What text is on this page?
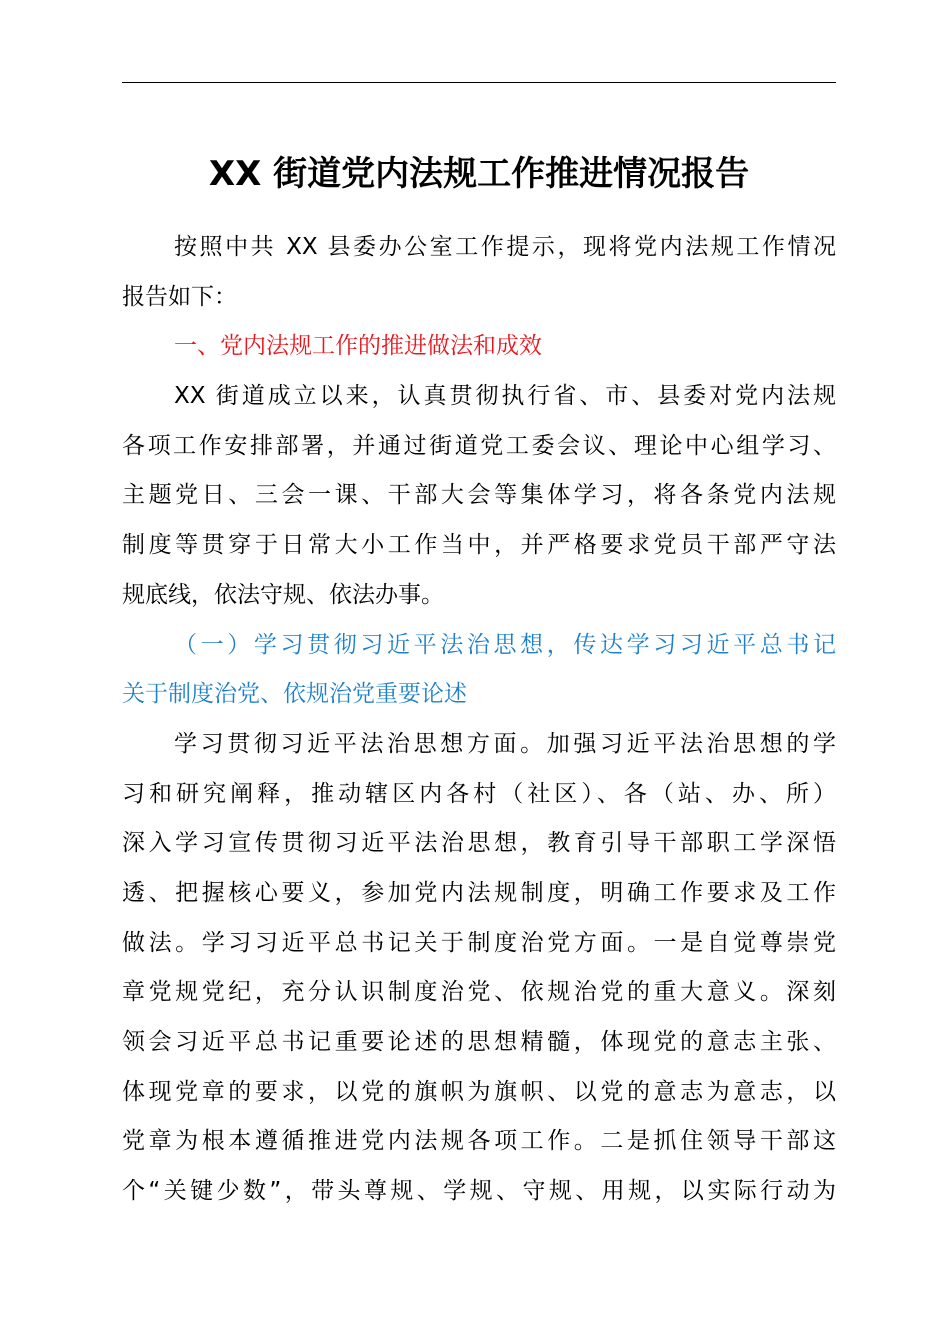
XX 街道党内法规工作推进情况报告
按照中共 XX 县委办公室工作提示，现将党内法规工作情况
报告如下：
一、党内法规工作的推进做法和成效
XX 街道成立以来，认真贯彻执行省、市、县委对党内法规
各项工作安排部署，并通过街道党工委会议、理论中心组学习、
主题党日、三会一课、干部大会等集体学习，将各条党内法规
制度等贯穿于日常大小工作当中，并严格要求党员干部严守法
规底线，依法守规、依法办事。
（一）学习贯彻习近平法治思想，传达学习习近平总书记
关于制度治党、依规治党重要论述
学习贯彻习近平法治思想方面。加强习近平法治思想的学
习和研究阐释，推动辖区内各村（社区）、各（站、办、所）
深入学习宣传贯彻习近平法治思想，教育引导干部职工学深悟
透、把握核心要义，参加党内法规制度，明确工作要求及工作
做法。学习习近平总书记关于制度治党方面。一是自觉尊崇党
章党规党纪，充分认识制度治党、依规治党的重大意义。深刻
领会习近平总书记重要论述的思想精髓，体现党的意志主张、
体现党章的要求，以党的旗帜为旗帜、以党的意志为意志，以
党章为根本遵循推进党内法规各项工作。二是抓住领导干部这
个“关键少数”，带头尊规、学规、守规、用规，以实际行动为
